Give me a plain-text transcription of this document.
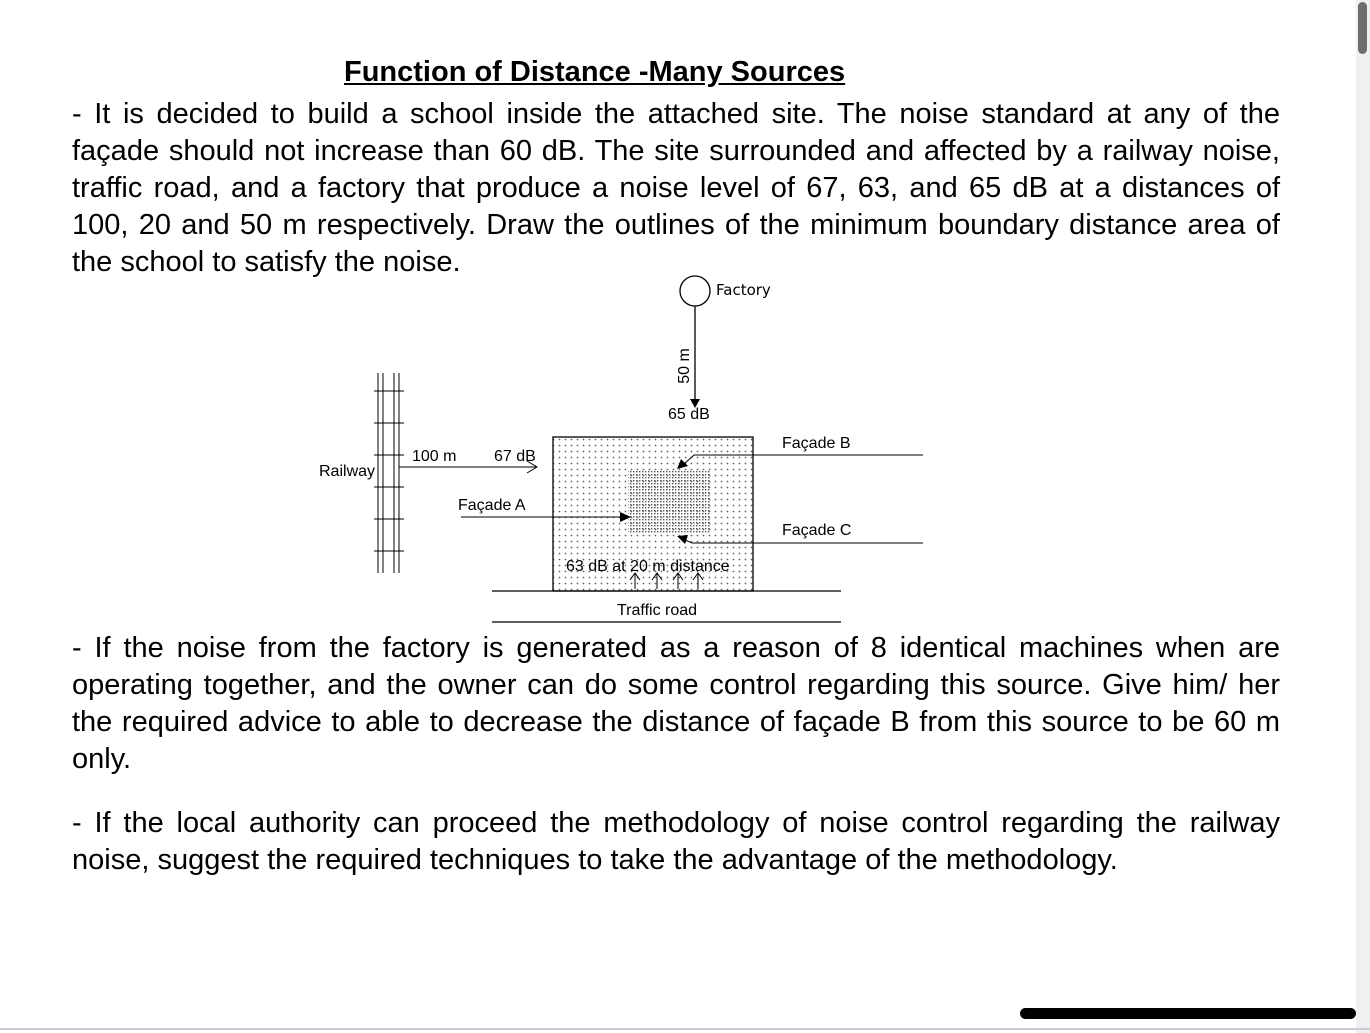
Function of Distance -Many Sources
- It is decided to build a school inside the attached site. The noise standard at any of the façade should not increase than 60 dB. The site surrounded and affected by a railway noise, traffic road, and a factory that produce a noise level of 67, 63, and 65 dB at a distances of 100, 20 and 50 m respectively. Draw the outlines of the minimum boundary distance area of the school to satisfy the noise.
Factory
50 m
65 dB
Railway
100 m 67 dB
Façade A
Façade B
Façade C
63 dB at 20 m distance
Traffic road
- If the noise from the factory is generated as a reason of 8 identical machines when are operating together, and the owner can do some control regarding this source. Give him/ her the required advice to able to decrease the distance of façade B from this source to be 60 m only.
- If the local authority can proceed the methodology of noise control regarding the railway noise, suggest the required techniques to take the advantage of the methodology.
